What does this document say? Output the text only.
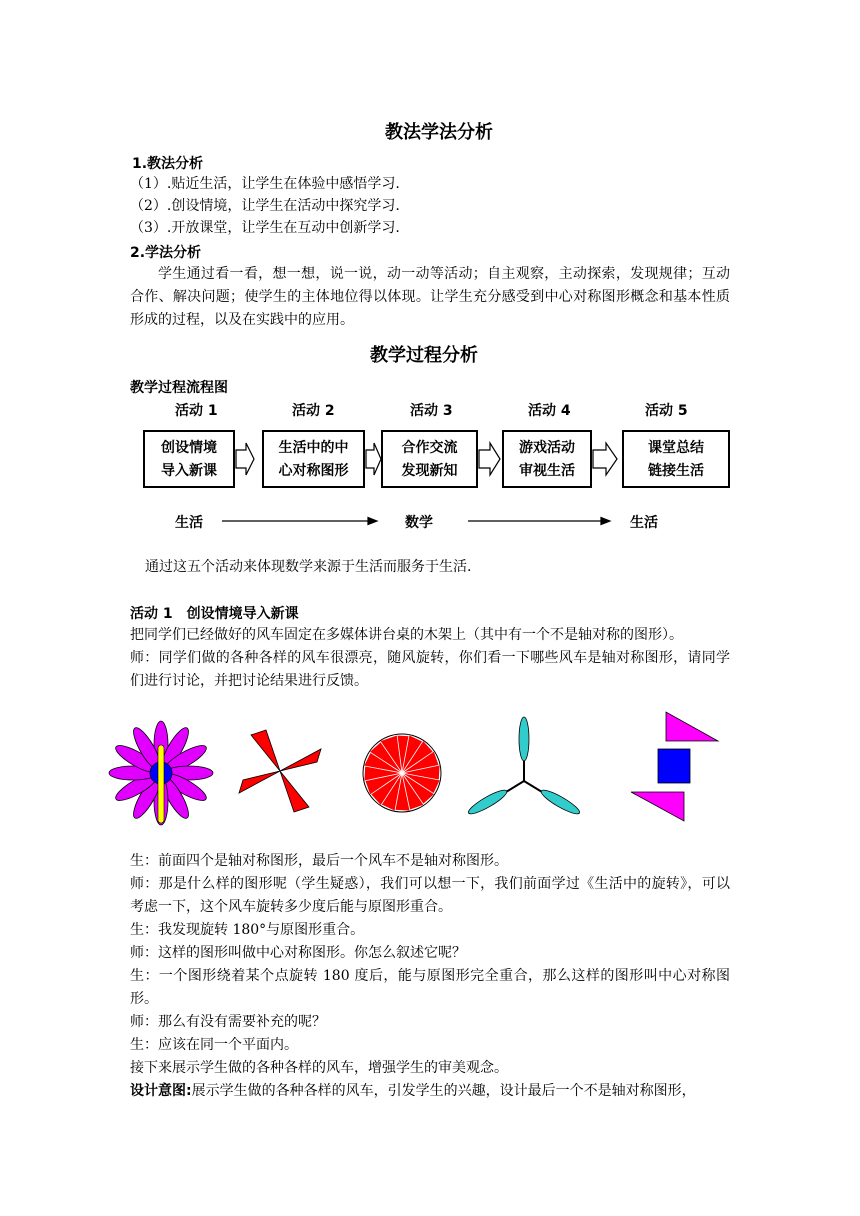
教法学法分析
1.教法分析
（1）.贴近生活，让学生在体验中感悟学习.
（2）.创设情境，让学生在活动中探究学习.
（3）.开放课堂，让学生在互动中创新学习.
2.学法分析
学生通过看一看，想一想，说一说，动一动等活动；自主观察，主动探索，发现规律；互动合作、解决问题；使学生的主体地位得以体现。让学生充分感受到中心对称图形概念和基本性质形成的过程，以及在实践中的应用。
教学过程分析
教学过程流程图
活动 1	活动 2	活动 3	活动 4	活动 5
创设情境
导入新课
生活中的中
心对称图形
合作交流
发现新知
游戏活动
审视生活
课堂总结
链接生活
生活	数学	生活
通过这五个活动来体现数学来源于生活而服务于生活.
活动 1　创设情境导入新课
把同学们已经做好的风车固定在多媒体讲台桌的木架上（其中有一个不是轴对称的图形）。
师：同学们做的各种各样的风车很漂亮，随风旋转，你们看一下哪些风车是轴对称图形，请同学们进行讨论，并把讨论结果进行反馈。
生：前面四个是轴对称图形，最后一个风车不是轴对称图形。
师：那是什么样的图形呢（学生疑惑），我们可以想一下，我们前面学过《生活中的旋转》，可以考虑一下，这个风车旋转多少度后能与原图形重合。
生：我发现旋转 180°与原图形重合。
师：这样的图形叫做中心对称图形。你怎么叙述它呢？
生：一个图形绕着某个点旋转 180 度后，能与原图形完全重合，那么这样的图形叫中心对称图形。
师：那么有没有需要补充的呢？
生：应该在同一个平面内。
接下来展示学生做的各种各样的风车，增强学生的审美观念。
设计意图:展示学生做的各种各样的风车，引发学生的兴趣，设计最后一个不是轴对称图形，
